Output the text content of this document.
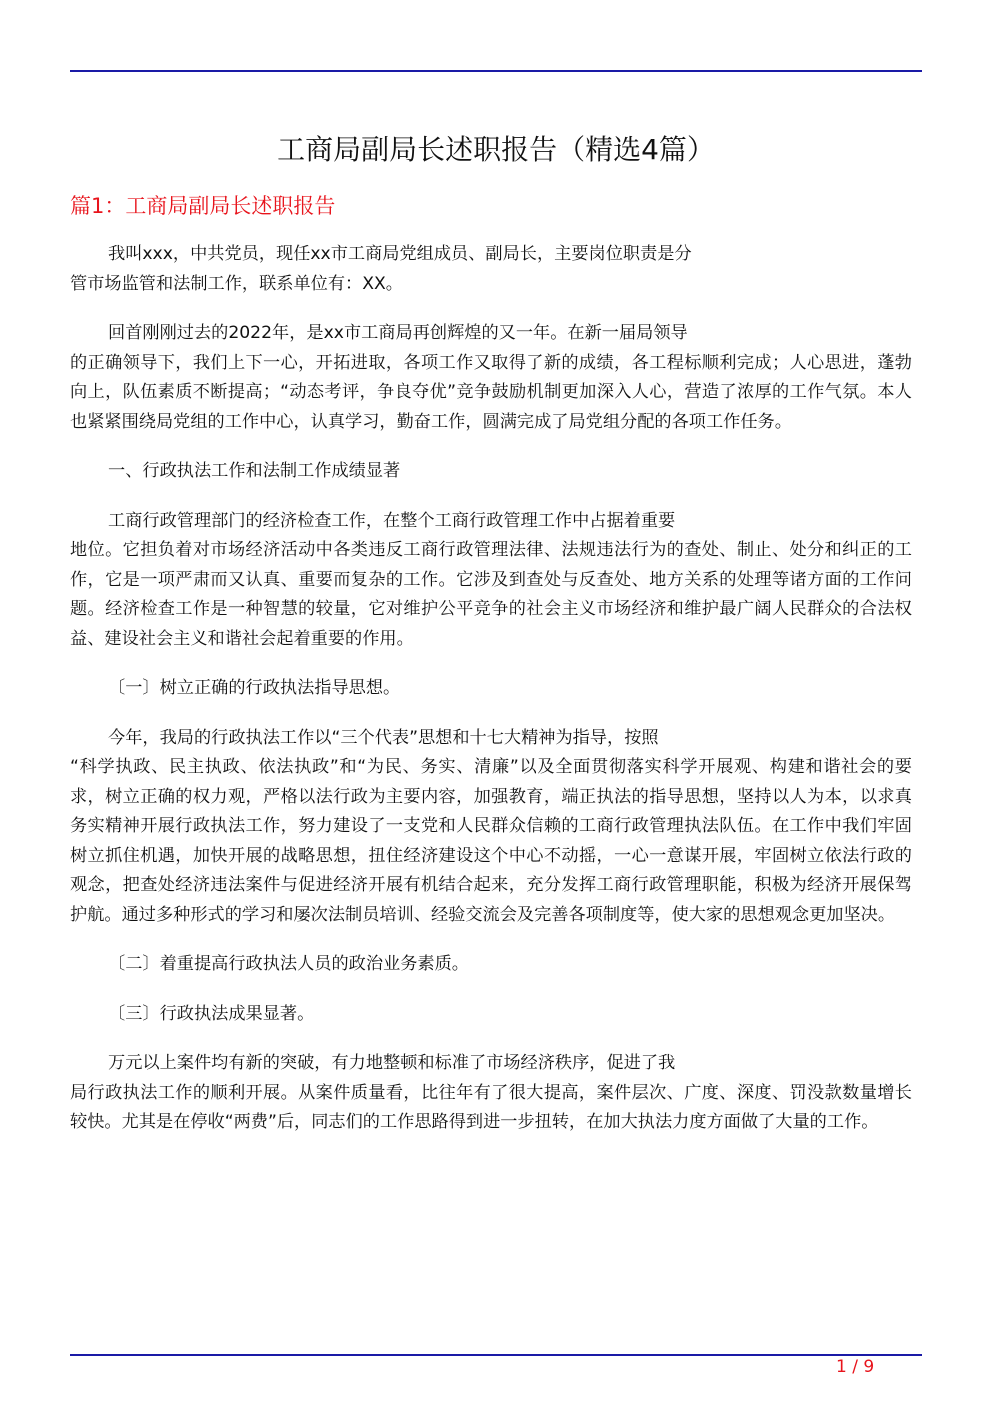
工商局副局长述职报告（精选4篇）
篇1：工商局副局长述职报告
我叫xxx，中共党员，现任xx市工商局党组成员、副局长，主要岗位职责是分
管市场监管和法制工作，联系单位有：XX。
回首刚刚过去的2022年，是xx市工商局再创辉煌的又一年。在新一届局领导
的正确领导下，我们上下一心，开拓进取，各项工作又取得了新的成绩，各工程标顺利完成；人心思进，蓬勃向上，队伍素质不断提高；“动态考评，争良夺优”竞争鼓励机制更加深入人心，营造了浓厚的工作气氛。本人也紧紧围绕局党组的工作中心，认真学习，勤奋工作，圆满完成了局党组分配的各项工作任务。
一、行政执法工作和法制工作成绩显著
工商行政管理部门的经济检查工作，在整个工商行政管理工作中占据着重要
地位。它担负着对市场经济活动中各类违反工商行政管理法律、法规违法行为的查处、制止、处分和纠正的工作，它是一项严肃而又认真、重要而复杂的工作。它涉及到查处与反查处、地方关系的处理等诸方面的工作问题。经济检查工作是一种智慧的较量，它对维护公平竞争的社会主义市场经济和维护最广阔人民群众的合法权益、建设社会主义和谐社会起着重要的作用。
〔一〕树立正确的行政执法指导思想。
今年，我局的行政执法工作以“三个代表”思想和十七大精神为指导，按照
“科学执政、民主执政、依法执政”和“为民、务实、清廉”以及全面贯彻落实科学开展观、构建和谐社会的要求，树立正确的权力观，严格以法行政为主要内容，加强教育，端正执法的指导思想，坚持以人为本，以求真务实精神开展行政执法工作，努力建设了一支党和人民群众信赖的工商行政管理执法队伍。在工作中我们牢固树立抓住机遇，加快开展的战略思想，扭住经济建设这个中心不动摇，一心一意谋开展，牢固树立依法行政的观念，把查处经济违法案件与促进经济开展有机结合起来，充分发挥工商行政管理职能，积极为经济开展保驾护航。通过多种形式的学习和屡次法制员培训、经验交流会及完善各项制度等，使大家的思想观念更加坚决。
〔二〕着重提高行政执法人员的政治业务素质。
〔三〕行政执法成果显著。
万元以上案件均有新的突破，有力地整顿和标准了市场经济秩序，促进了我
局行政执法工作的顺利开展。从案件质量看，比往年有了很大提高，案件层次、广度、深度、罚没款数量增长较快。尤其是在停收“两费”后，同志们的工作思路得到进一步扭转，在加大执法力度方面做了大量的工作。
1 / 9
